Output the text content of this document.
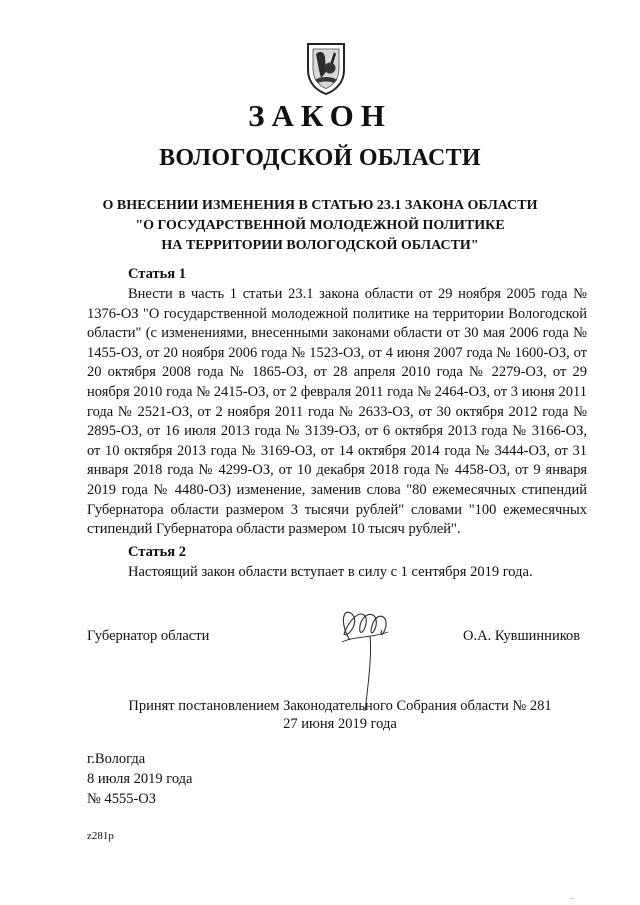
ЗАКОН
ВОЛОГОДСКОЙ ОБЛАСТИ
О ВНЕСЕНИИ ИЗМЕНЕНИЯ В СТАТЬЮ 23.1 ЗАКОНА ОБЛАСТИ
"О ГОСУДАРСТВЕННОЙ МОЛОДЕЖНОЙ ПОЛИТИКЕ
НА ТЕРРИТОРИИ ВОЛОГОДСКОЙ ОБЛАСТИ"
Статья 1
Внести в часть 1 статьи 23.1 закона области от 29 ноября 2005 года № 1376-ОЗ "О государственной молодежной политике на территории Вологодской области" (с изменениями, внесенными законами области от 30 мая 2006 года № 1455-ОЗ, от 20 ноября 2006 года № 1523-ОЗ, от 4 июня 2007 года № 1600-ОЗ, от 20 октября 2008 года № 1865-ОЗ, от 28 апреля 2010 года № 2279-ОЗ, от 29 ноября 2010 года № 2415-ОЗ, от 2 февраля 2011 года № 2464-ОЗ, от 3 июня 2011 года № 2521-ОЗ, от 2 ноября 2011 года № 2633-ОЗ, от 30 октября 2012 года № 2895-ОЗ, от 16 июля 2013 года № 3139-ОЗ, от 6 октября 2013 года № 3166-ОЗ, от 10 октября 2013 года № 3169-ОЗ, от 14 октября 2014 года № 3444-ОЗ, от 31 января 2018 года № 4299-ОЗ, от 10 декабря 2018 года № 4458-ОЗ, от 9 января 2019 года № 4480-ОЗ) изменение, заменив слова "80 ежемесячных стипендий Губернатора области размером 3 тысячи рублей" словами "100 ежемесячных стипендий Губернатора области размером 10 тысяч рублей".
Статья 2
Настоящий закон области вступает в силу с 1 сентября 2019 года.
Губернатор области	О.А. Кувшинников
Принят постановлением Законодательного Собрания области № 281
27 июня 2019 года
г.Вологда
8 июля 2019 года
№ 4555-ОЗ
z281p
‥
